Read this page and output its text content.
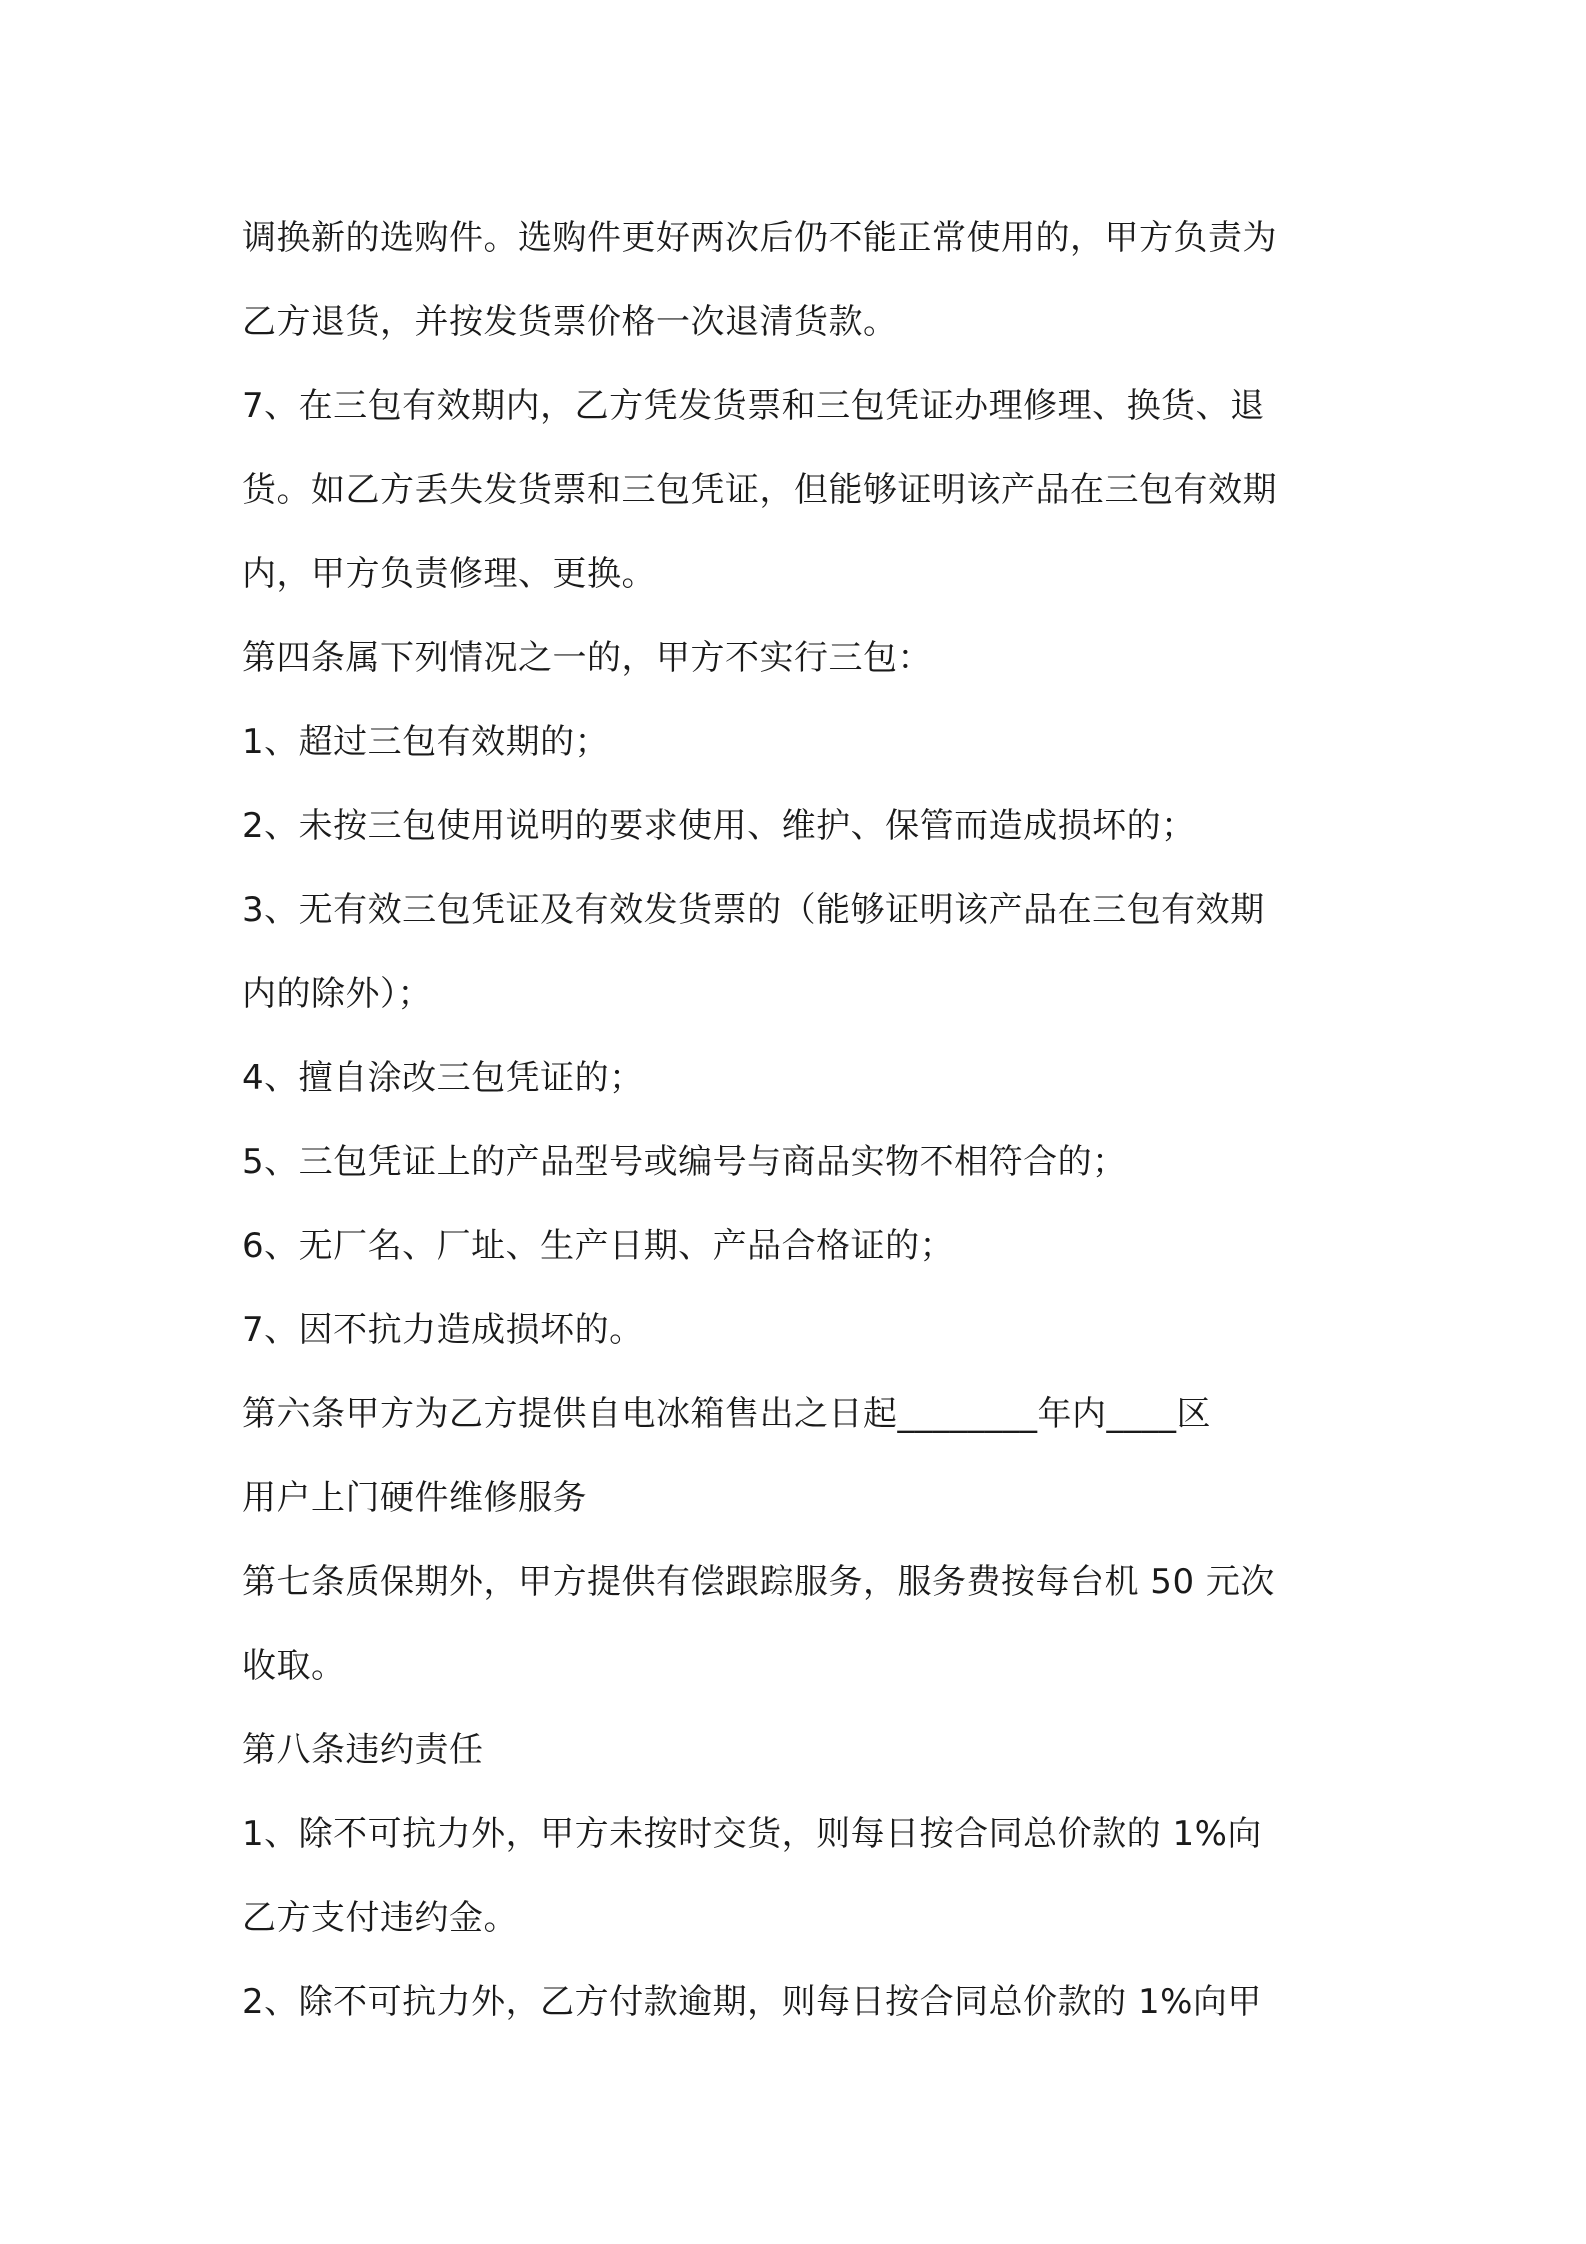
调换新的选购件。选购件更好两次后仍不能正常使用的，甲方负责为
乙方退货，并按发货票价格一次退清货款。
7、在三包有效期内，乙方凭发货票和三包凭证办理修理、换货、退
货。如乙方丢失发货票和三包凭证，但能够证明该产品在三包有效期
内，甲方负责修理、更换。
第四条属下列情况之一的，甲方不实行三包：
1、超过三包有效期的；
2、未按三包使用说明的要求使用、维护、保管而造成损坏的；
3、无有效三包凭证及有效发货票的（能够证明该产品在三包有效期
内的除外）；
4、擅自涂改三包凭证的；
5、三包凭证上的产品型号或编号与商品实物不相符合的；
6、无厂名、厂址、生产日期、产品合格证的；
7、因不抗力造成损坏的。
第六条甲方为乙方提供自电冰箱售出之日起________年内____区
用户上门硬件维修服务
第七条质保期外，甲方提供有偿跟踪服务，服务费按每台机 50 元次
收取。
第八条违约责任
1、除不可抗力外，甲方未按时交货，则每日按合同总价款的 1%向
乙方支付违约金。
2、除不可抗力外，乙方付款逾期，则每日按合同总价款的 1%向甲
